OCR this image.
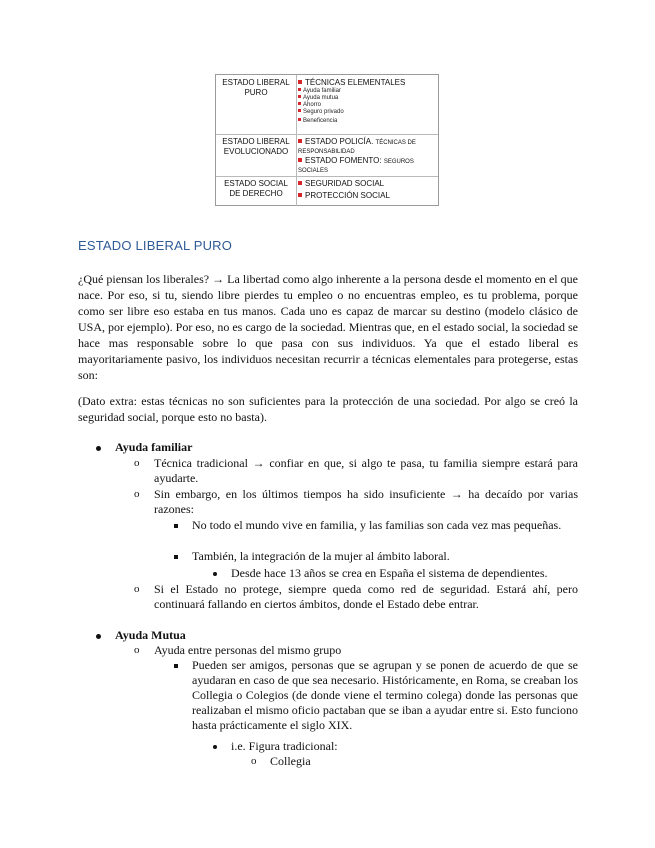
ESTADO LIBERAL
PURO
TÉCNICAS ELEMENTALES
Ayuda familiar
Ayuda mutua
Ahorro
Seguro privado
Beneficencia
ESTADO LIBERAL
EVOLUCIONADO
ESTADO POLICÍA. TÉCNICAS DE
RESPONSABILIDAD
ESTADO FOMENTO: SEGUROS
SOCIALES
ESTADO SOCIAL
DE DERECHO
SEGURIDAD SOCIAL
PROTECCIÓN SOCIAL
ESTADO LIBERAL PURO

¿Qué piensan los liberales? → La libertad como algo inherente a la persona desde el momento en el que nace. Por eso, si tu, siendo libre pierdes tu empleo o no encuentras empleo, es tu problema, porque como ser libre eso estaba en tus manos. Cada uno es capaz de marcar su destino (modelo clásico de USA, por ejemplo). Por eso, no es cargo de la sociedad. Mientras que, en el estado social, la sociedad se hace mas responsable sobre lo que pasa con sus individuos. Ya que el estado liberal es mayoritariamente pasivo, los individuos necesitan recurrir a técnicas elementales para protegerse, estas son:

(Dato extra: estas técnicas no son suficientes para la protección de una sociedad. Por algo se creó la seguridad social, porque esto no basta).

Ayuda familiar

o Técnica tradicional → confiar en que, si algo te pasa, tu familia siempre estará para ayudarte.

o Sin embargo, en los últimos tiempos ha sido insuficiente → ha decaído por varias razones:

No todo el mundo vive en familia, y las familias son cada vez mas pequeñas.

También, la integración de la mujer al ámbito laboral.

Desde hace 13 años se crea en España el sistema de dependientes.

o Si el Estado no protege, siempre queda como red de seguridad. Estará ahí, pero continuará fallando en ciertos ámbitos, donde el Estado debe entrar.

Ayuda Mutua

o Ayuda entre personas del mismo grupo

Pueden ser amigos, personas que se agrupan y se ponen de acuerdo de que se ayudaran en caso de que sea necesario. Históricamente, en Roma, se creaban los Collegia o Colegios (de donde viene el termino colega) donde las personas que realizaban el mismo oficio pactaban que se iban a ayudar entre si. Esto funciono hasta prácticamente el siglo XIX.

i.e. Figura tradicional:

o Collegia
